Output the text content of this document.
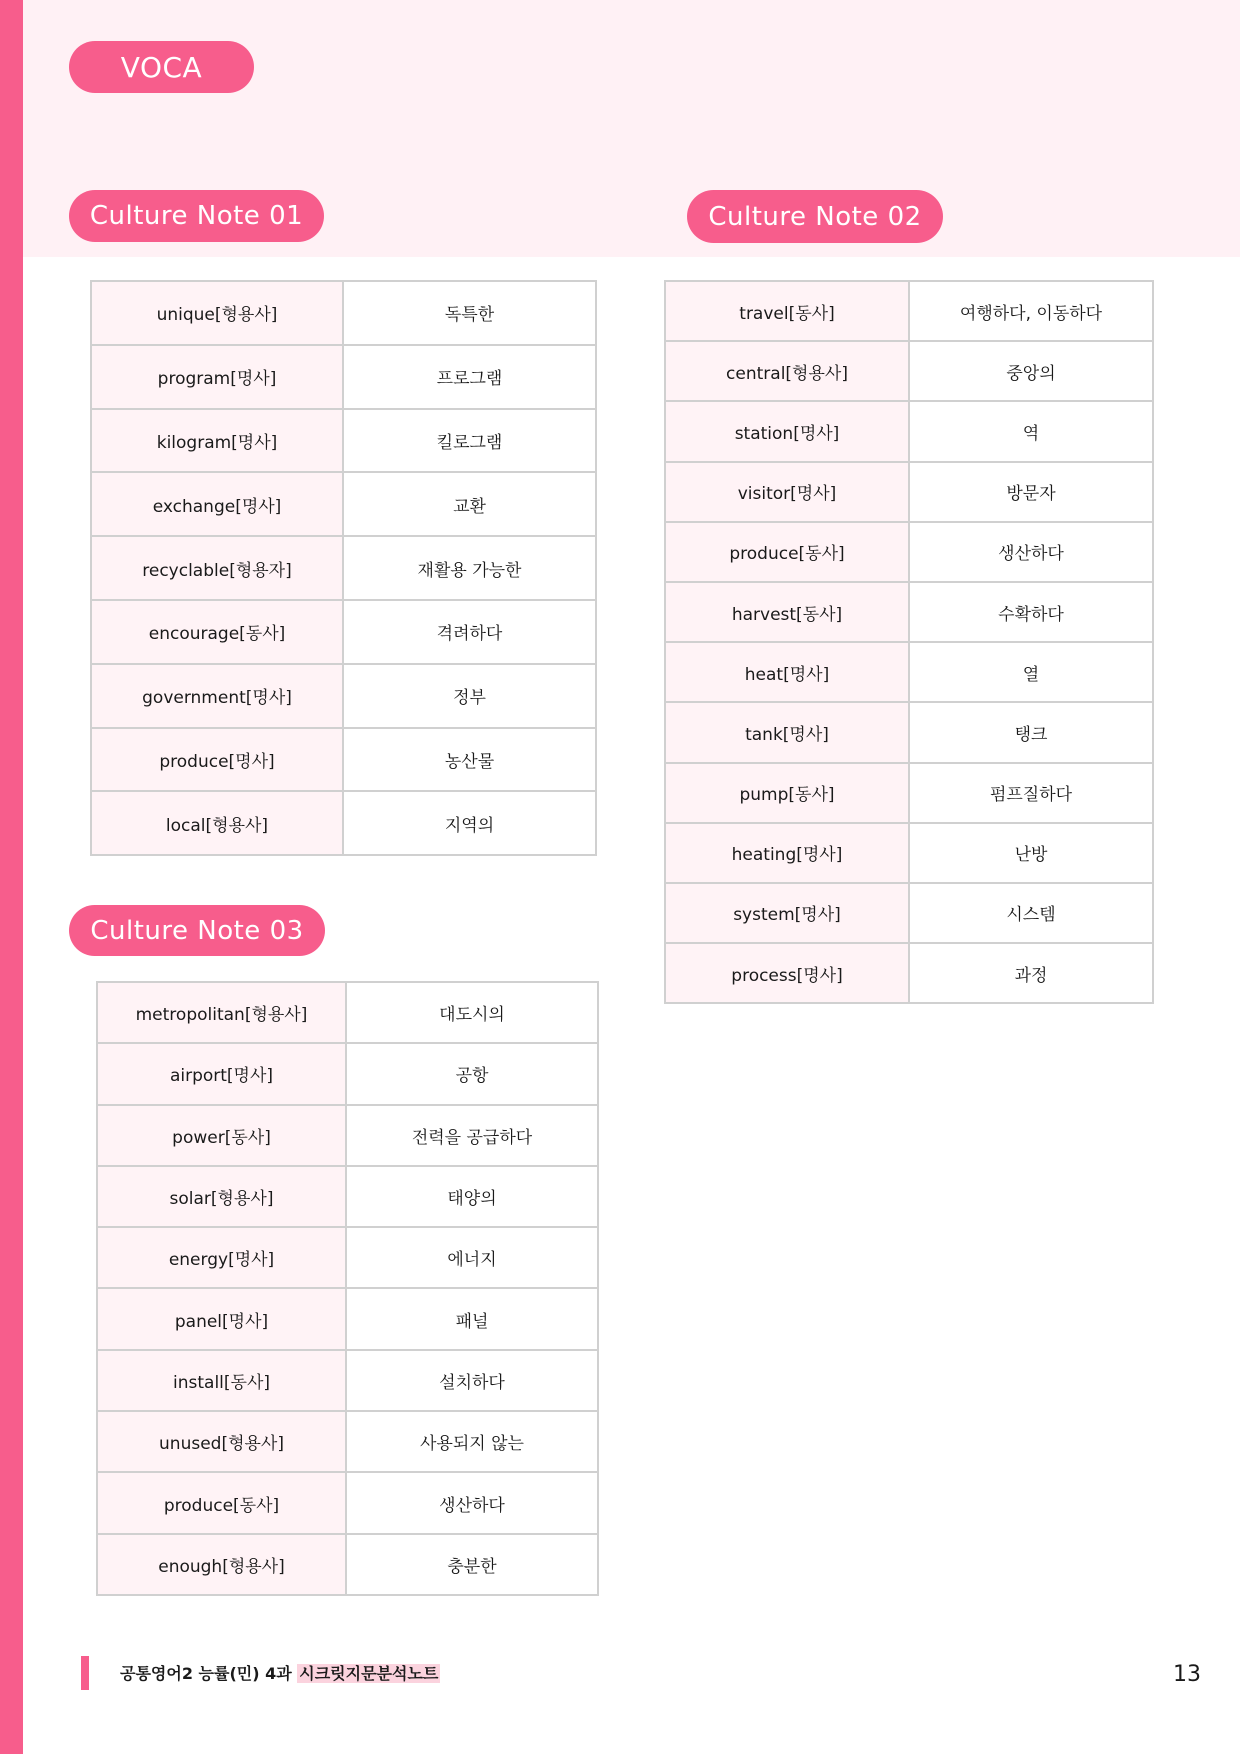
VOCA
Culture Note 01	Culture Note 02
Culture Note 03
unique[형용사]	독특한
program[명사]	프로그램
kilogram[명사]	킬로그램
exchange[명사]	교환
recyclable[형용자]	재활용 가능한
encourage[동사]	격려하다
government[명사]	정부
produce[명사]	농산물
local[형용사]	지역의
travel[동사]	여행하다, 이동하다
central[형용사]	중앙의
station[명사]	역
visitor[명사]	방문자
produce[동사]	생산하다
harvest[동사]	수확하다
heat[명사]	열
tank[명사]	탱크
pump[동사]	펌프질하다
heating[명사]	난방
system[명사]	시스템
process[명사]	과정
metropolitan[형용사]	대도시의
airport[명사]	공항
power[동사]	전력을 공급하다
solar[형용사]	태양의
energy[명사]	에너지
panel[명사]	패널
install[동사]	설치하다
unused[형용사]	사용되지 않는
produce[동사]	생산하다
enough[형용사]	충분한
공통영어2 능률(민) 4과 시크릿지문분석노트	13
